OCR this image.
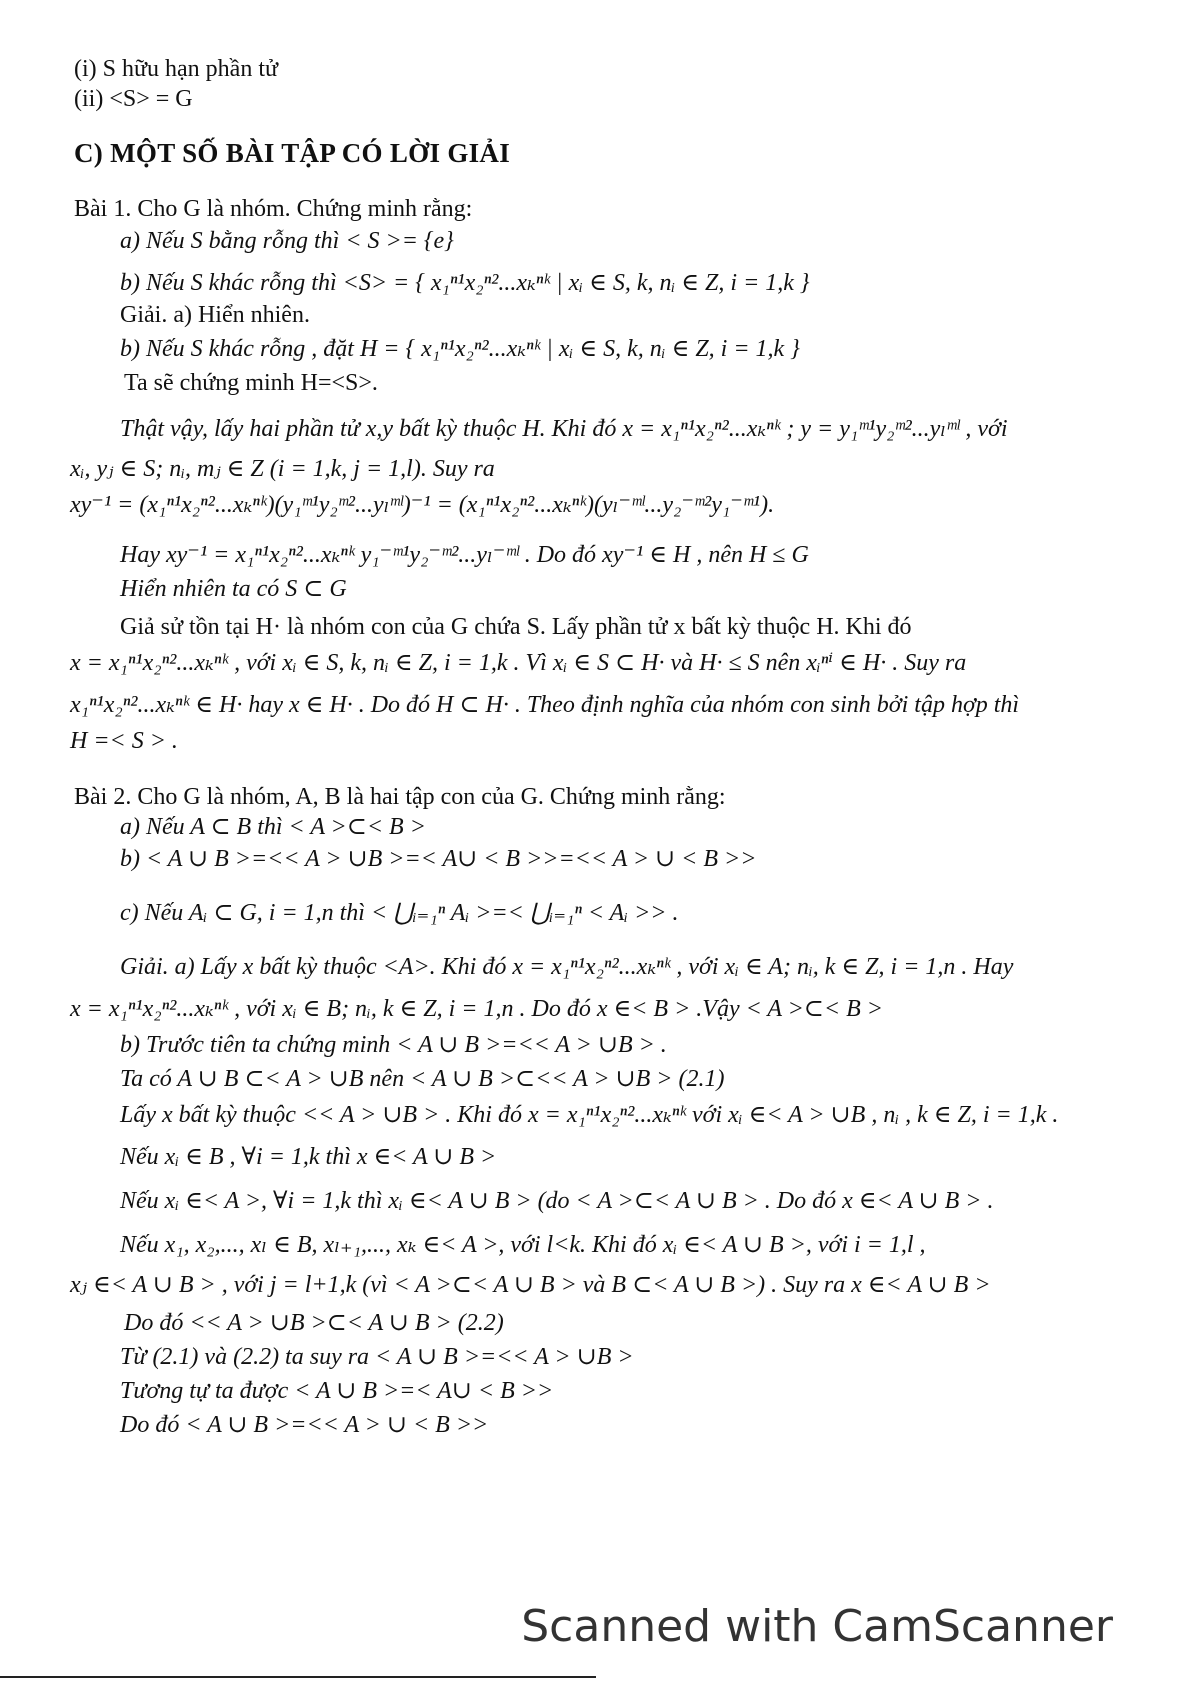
(i) S hữu hạn phần tử
(ii) <S> = G
C) MỘT SỐ BÀI TẬP CÓ LỜI GIẢI
Bài 1. Cho G là nhóm. Chứng minh rằng:
a) Nếu S bằng rỗng thì < S >= {e}
b) Nếu S khác rỗng thì <S> = { x₁ⁿ¹x₂ⁿ²...xₖⁿᵏ | xᵢ ∈ S, k, nᵢ ∈ Z, i = 1,k }
Giải. a) Hiển nhiên.
b) Nếu S khác rỗng , đặt H = { x₁ⁿ¹x₂ⁿ²...xₖⁿᵏ | xᵢ ∈ S, k, nᵢ ∈ Z, i = 1,k }
Ta sẽ chứng minh H=<S>.
Thật vậy, lấy hai phần tử x,y bất kỳ thuộc H. Khi đó x = x₁ⁿ¹x₂ⁿ²...xₖⁿᵏ ; y = y₁ᵐ¹y₂ᵐ²...yₗᵐˡ , với
xᵢ, yⱼ ∈ S; nᵢ, mⱼ ∈ Z (i = 1,k, j = 1,l). Suy ra
xy⁻¹ = (x₁ⁿ¹x₂ⁿ²...xₖⁿᵏ)(y₁ᵐ¹y₂ᵐ²...yₗᵐˡ)⁻¹ = (x₁ⁿ¹x₂ⁿ²...xₖⁿᵏ)(yₗ⁻ᵐˡ...y₂⁻ᵐ²y₁⁻ᵐ¹).
Hay xy⁻¹ = x₁ⁿ¹x₂ⁿ²...xₖⁿᵏ y₁⁻ᵐ¹y₂⁻ᵐ²...yₗ⁻ᵐˡ . Do đó xy⁻¹ ∈ H , nên H ≤ G
Hiển nhiên ta có S ⊂ G
Giả sử tồn tại H· là nhóm con của G chứa S. Lấy phần tử x bất kỳ thuộc H. Khi đó
x = x₁ⁿ¹x₂ⁿ²...xₖⁿᵏ , với xᵢ ∈ S, k, nᵢ ∈ Z, i = 1,k . Vì xᵢ ∈ S ⊂ H· và H· ≤ S nên xᵢⁿⁱ ∈ H· . Suy ra
x₁ⁿ¹x₂ⁿ²...xₖⁿᵏ ∈ H· hay x ∈ H· . Do đó H ⊂ H· . Theo định nghĩa của nhóm con sinh bởi tập hợp thì
H =< S > .
Bài 2. Cho G là nhóm, A, B là hai tập con của G. Chứng minh rằng:
a) Nếu A ⊂ B thì < A >⊂< B >
b) < A ∪ B >=<< A > ∪B >=< A∪ < B >>=<< A > ∪ < B >>
c) Nếu Aᵢ ⊂ G, i = 1,n thì < ⋃ᵢ₌₁ⁿ Aᵢ >=< ⋃ᵢ₌₁ⁿ < Aᵢ >> .
Giải. a) Lấy x bất kỳ thuộc <A>. Khi đó x = x₁ⁿ¹x₂ⁿ²...xₖⁿᵏ , với xᵢ ∈ A; nᵢ, k ∈ Z, i = 1,n . Hay
x = x₁ⁿ¹x₂ⁿ²...xₖⁿᵏ , với xᵢ ∈ B; nᵢ, k ∈ Z, i = 1,n . Do đó x ∈< B > .Vậy < A >⊂< B >
b) Trước tiên ta chứng minh < A ∪ B >=<< A > ∪B > .
Ta có A ∪ B ⊂< A > ∪B nên < A ∪ B >⊂<< A > ∪B > (2.1)
Lấy x bất kỳ thuộc << A > ∪B > . Khi đó x = x₁ⁿ¹x₂ⁿ²...xₖⁿᵏ với xᵢ ∈< A > ∪B , nᵢ , k ∈ Z, i = 1,k .
Nếu xᵢ ∈ B , ∀i = 1,k thì x ∈< A ∪ B >
Nếu xᵢ ∈< A >, ∀i = 1,k thì xᵢ ∈< A ∪ B > (do < A >⊂< A ∪ B > . Do đó x ∈< A ∪ B > .
Nếu x₁, x₂,..., xₗ ∈ B, xₗ₊₁,..., xₖ ∈< A >, với l<k. Khi đó xᵢ ∈< A ∪ B >, với i = 1,l ,
xⱼ ∈< A ∪ B > , với j = l+1,k (vì < A >⊂< A ∪ B > và B ⊂< A ∪ B >) . Suy ra x ∈< A ∪ B >
Do đó << A > ∪B >⊂< A ∪ B > (2.2)
Từ (2.1) và (2.2) ta suy ra < A ∪ B >=<< A > ∪B >
Tương tự ta được < A ∪ B >=< A∪ < B >>
Do đó < A ∪ B >=<< A > ∪ < B >>
Scanned with CamScanner
